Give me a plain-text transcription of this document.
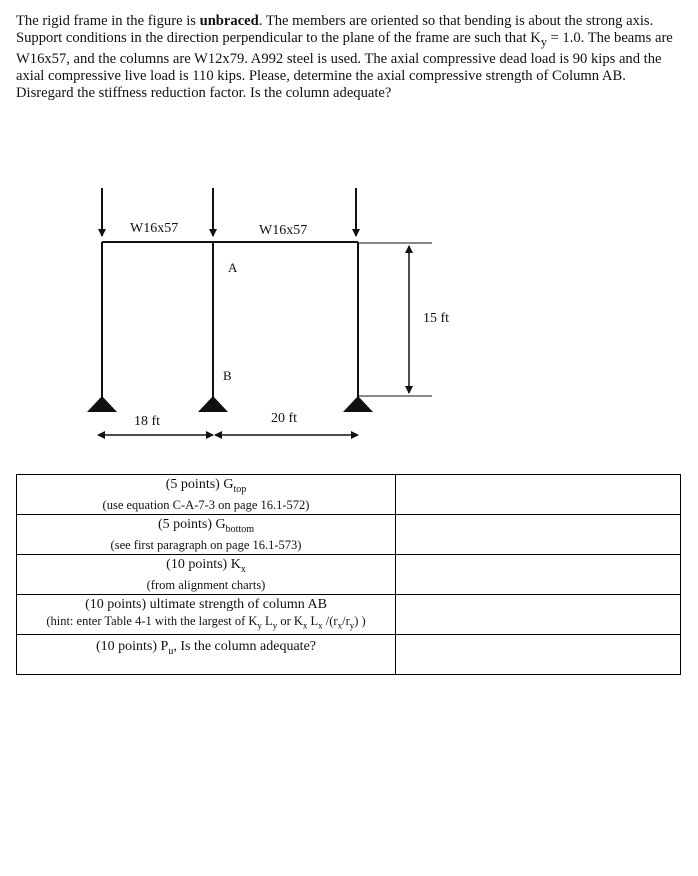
The rigid frame in the figure is unbraced. The members are oriented so that bending is about the strong axis. Support conditions in the direction perpendicular to the plane of the frame are such that $K_y = 1.0$. The beams are W16x57, and the columns are W12x79. A992 steel is used. The axial compressive dead load is 90 kips and the axial compressive live load is 110 kips. Please, determine the axial compressive strength of Column AB. Disregard the stiffness reduction factor. Is the column adequate?

W16x57	W16x57
A
B
15 ft
18 ft	20 ft
(5 points) $G_{top}$
(use equation C-A-7-3 on page 16.1-572)	

(5 points) $G_{bottom}$
(see first paragraph on page 16.1-573)	

(10 points) $K_x$
(from alignment charts)	

(10 points) ultimate strength of column AB
(hint: enter Table 4-1 with the largest of $K_y$ $L_y$ or $K_x$ $L_x$ $/(r_x/r_y)$ )	

(10 points) $P_u$, Is the column adequate?	
